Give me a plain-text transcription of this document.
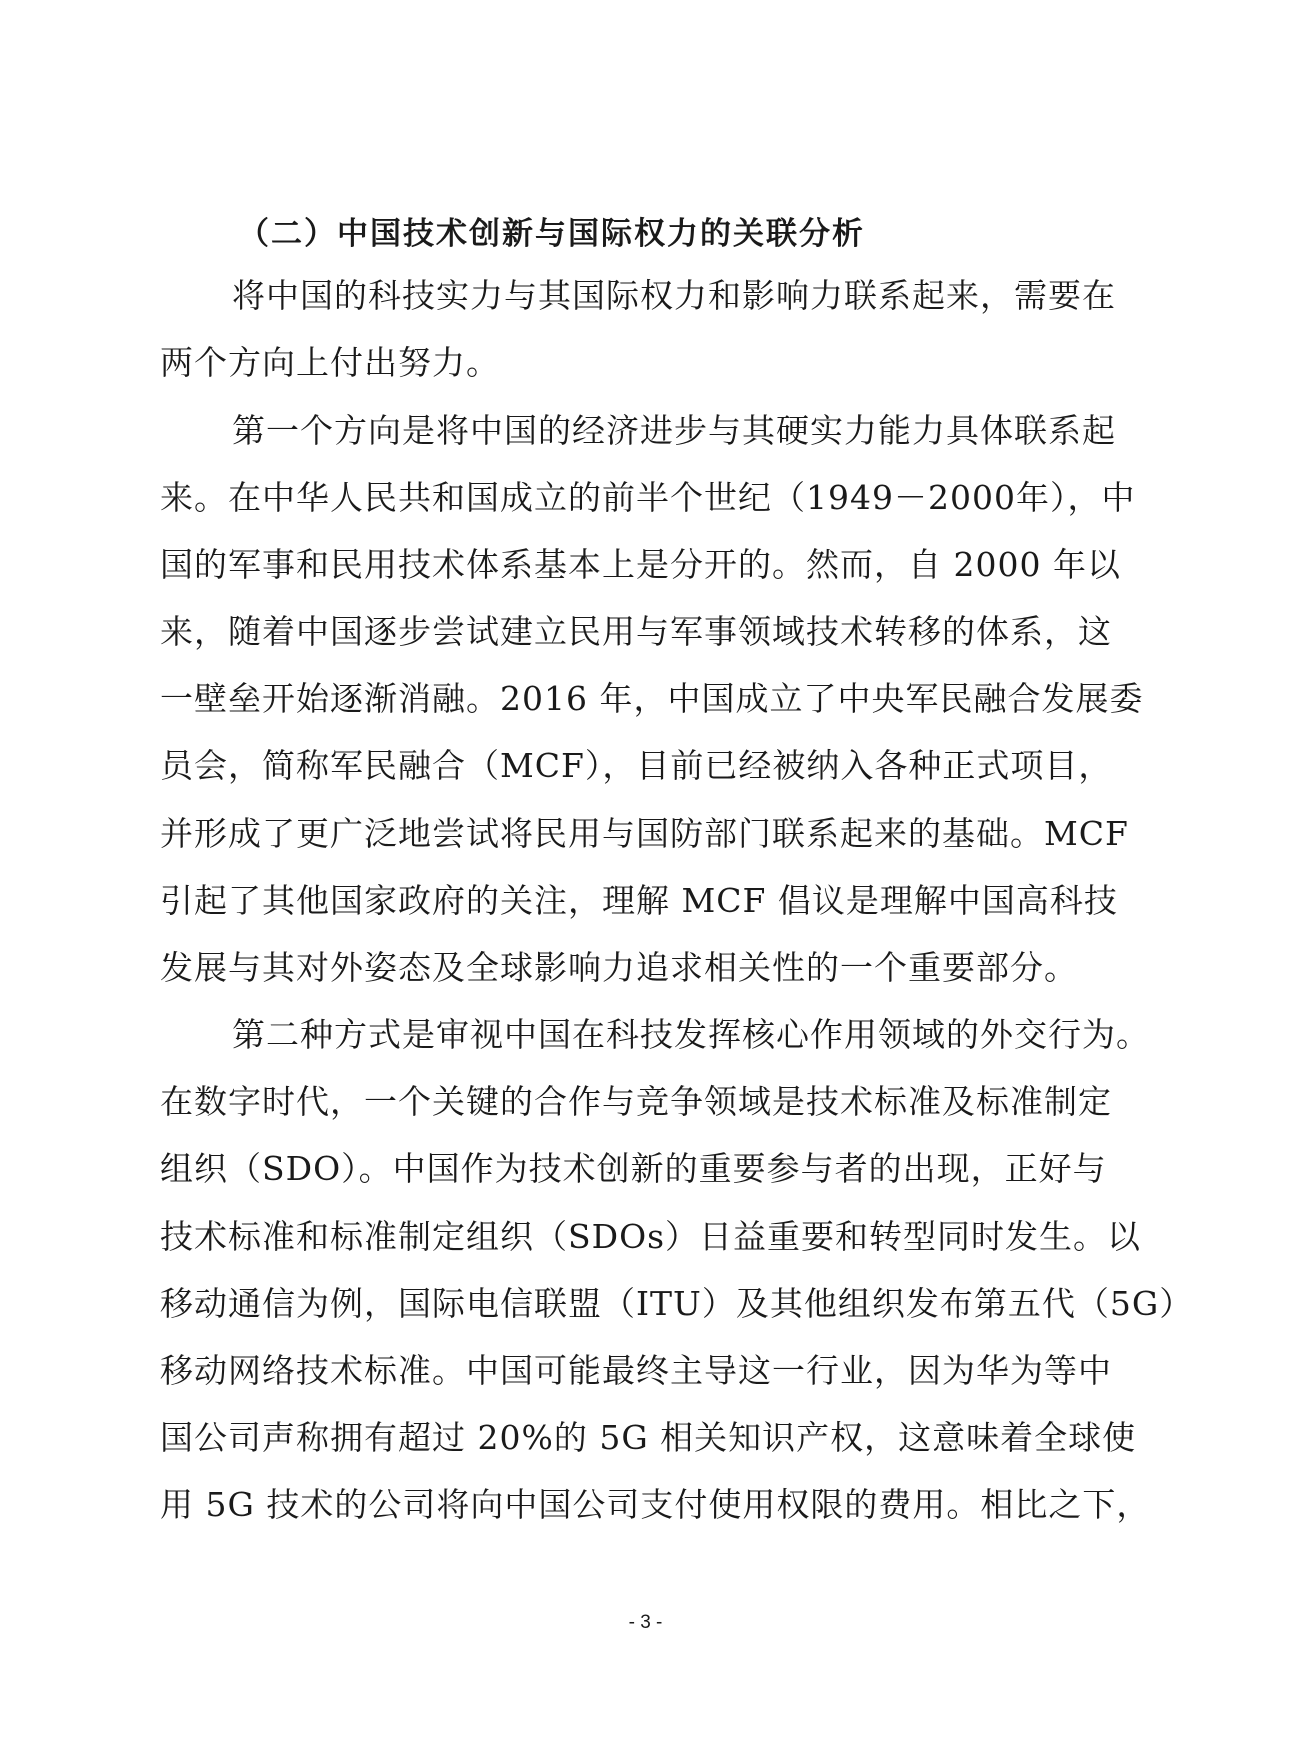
（二）中国技术创新与国际权力的关联分析
将中国的科技实力与其国际权力和影响力联系起来，需要在
两个方向上付出努力。
第一个方向是将中国的经济进步与其硬实力能力具体联系起
来。在中华人民共和国成立的前半个世纪（1949－2000年），中
国的军事和民用技术体系基本上是分开的。然而，自 2000 年以
来，随着中国逐步尝试建立民用与军事领域技术转移的体系，这
一壁垒开始逐渐消融。2016 年，中国成立了中央军民融合发展委
员会，简称军民融合（MCF），目前已经被纳入各种正式项目，
并形成了更广泛地尝试将民用与国防部门联系起来的基础。MCF
引起了其他国家政府的关注，理解 MCF 倡议是理解中国高科技
发展与其对外姿态及全球影响力追求相关性的一个重要部分。
第二种方式是审视中国在科技发挥核心作用领域的外交行为。
在数字时代，一个关键的合作与竞争领域是技术标准及标准制定
组织（SDO）。中国作为技术创新的重要参与者的出现，正好与
技术标准和标准制定组织（SDOs）日益重要和转型同时发生。以
移动通信为例，国际电信联盟（ITU）及其他组织发布第五代（5G）
移动网络技术标准。中国可能最终主导这一行业，因为华为等中
国公司声称拥有超过 20%的 5G 相关知识产权，这意味着全球使
用 5G 技术的公司将向中国公司支付使用权限的费用。相比之下，
- 3 -
